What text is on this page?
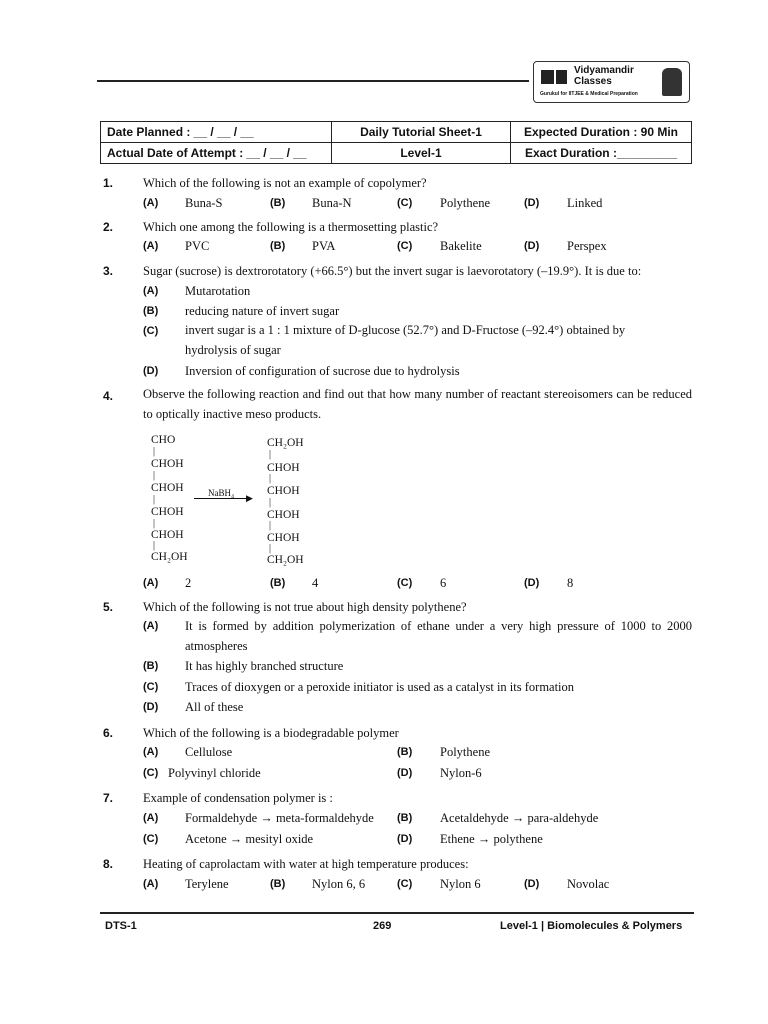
Vidyamandir
Classes
Gurukul for IITJEE & Medical Preparation
Date Planned : __ / __ / __	Daily Tutorial Sheet-1	Expected Duration : 90 Min
Actual Date of Attempt : __ / __ / __	Level-1	Exact Duration :_________
1. Which of the following is not an example of copolymer?
(A) Buna-S	(B) Buna-N	(C) Polythene	(D) Linked
2. Which one among the following is a thermosetting plastic?
(A) PVC	(B) PVA	(C) Bakelite	(D) Perspex
3. Sugar (sucrose) is dextrorotatory (+66.5°) but the invert sugar is laevorotatory (–19.9°). It is due to:
(A) Mutarotation
(B) reducing nature of invert sugar
(C) invert sugar is a 1 : 1 mixture of D-glucose (52.7°) and D-Fructose (–92.4°) obtained by hydrolysis of sugar
(D) Inversion of configuration of sucrose due to hydrolysis
4. Observe the following reaction and find out that how many number of reactant stereoisomers can be reduced to optically inactive meso products.
CHO
|
CHOH
|
CHOH
|
CHOH
|
CHOH
|
CH₂OH
NaBH₄ ▶
CH₂OH
|
CHOH
|
CHOH
|
CHOH
|
CHOH
|
CH₂OH
(A) 2	(B) 4	(C) 6	(D) 8
5. Which of the following is not true about high density polythene?
(A) It is formed by addition polymerization of ethane under a very high pressure of 1000 to 2000 atmospheres
(B) It has highly branched structure
(C) Traces of dioxygen or a peroxide initiator is used as a catalyst in its formation
(D) All of these
6. Which of the following is a biodegradable polymer
(A) Cellulose	(B) Polythene
(C) Polyvinyl chloride	(D) Nylon-6
7. Example of condensation polymer is :
(A) Formaldehyde → meta-formaldehyde (B) Acetaldehyde → para-aldehyde
(C) Acetone → mesityl oxide	(D) Ethene → polythene
8. Heating of caprolactam with water at high temperature produces:
(A) Terylene	(B) Nylon 6, 6	(C) Nylon 6	(D) Novolac
DTS-1	269	Level-1 | Biomolecules & Polymers
